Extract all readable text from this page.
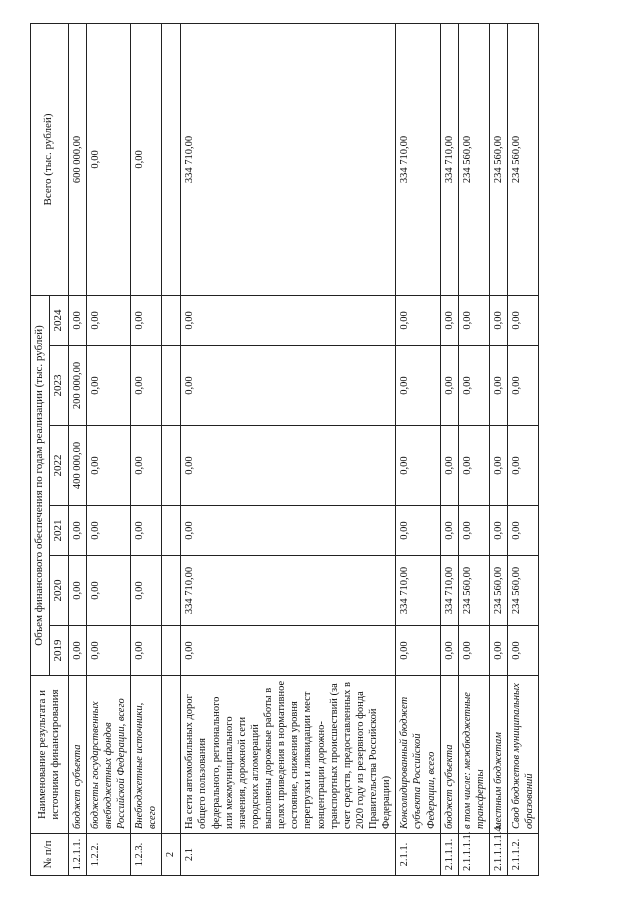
№ п/п	Наименование результата и источники финансирования	Объем финансового обеспечения по годам реализации (тыс. рублей)						Всего (тыс. рублей)
		2019	2020	2021	2022	2023	2024	
1.2.1.1.	бюджет субъекта	0,00	0,00	0,00	400 000,00	200 000,00	0,00	600 000,00
1.2.2.	бюджеты государственных внебюджетных фондов Российской Федерации, всего	0,00	0,00	0,00	0,00	0,00	0,00	0,00
1.2.3.	Внебюджетные источники, всего	0,00	0,00	0,00	0,00	0,00	0,00	0,00
2								
2.1	На сети автомобильных дорог общего пользования федерального, регионального или межмуниципального значения, дорожной сети городских агломераций выполнены дорожные работы в целях приведения в нормативное состояние, снижения уровня перегрузки и ликвидации мест концентрации дорожно-транспортных происшествий (за счет средств, предоставленных в 2020 году из резервного фонда Правительства Российской Федерации)	0,00	334 710,00	0,00	0,00	0,00	0,00	334 710,00
2.1.1.	Консолидированный бюджет субъекта Российской Федерации, всего	0,00	334 710,00	0,00	0,00	0,00	0,00	334 710,00
2.1.1.1.	бюджет субъекта	0,00	334 710,00	0,00	0,00	0,00	0,00	334 710,00
2.1.1.1.1.	в том числе: межбюджетные трансферты	0,00	234 560,00	0,00	0,00	0,00	0,00	234 560,00
2.1.1.1.1.4.	местным бюджетам	0,00	234 560,00	0,00	0,00	0,00	0,00	234 560,00
2.1.1.2.	Свод бюджетов муниципальных образований	0,00	234 560,00	0,00	0,00	0,00	0,00	234 560,00
